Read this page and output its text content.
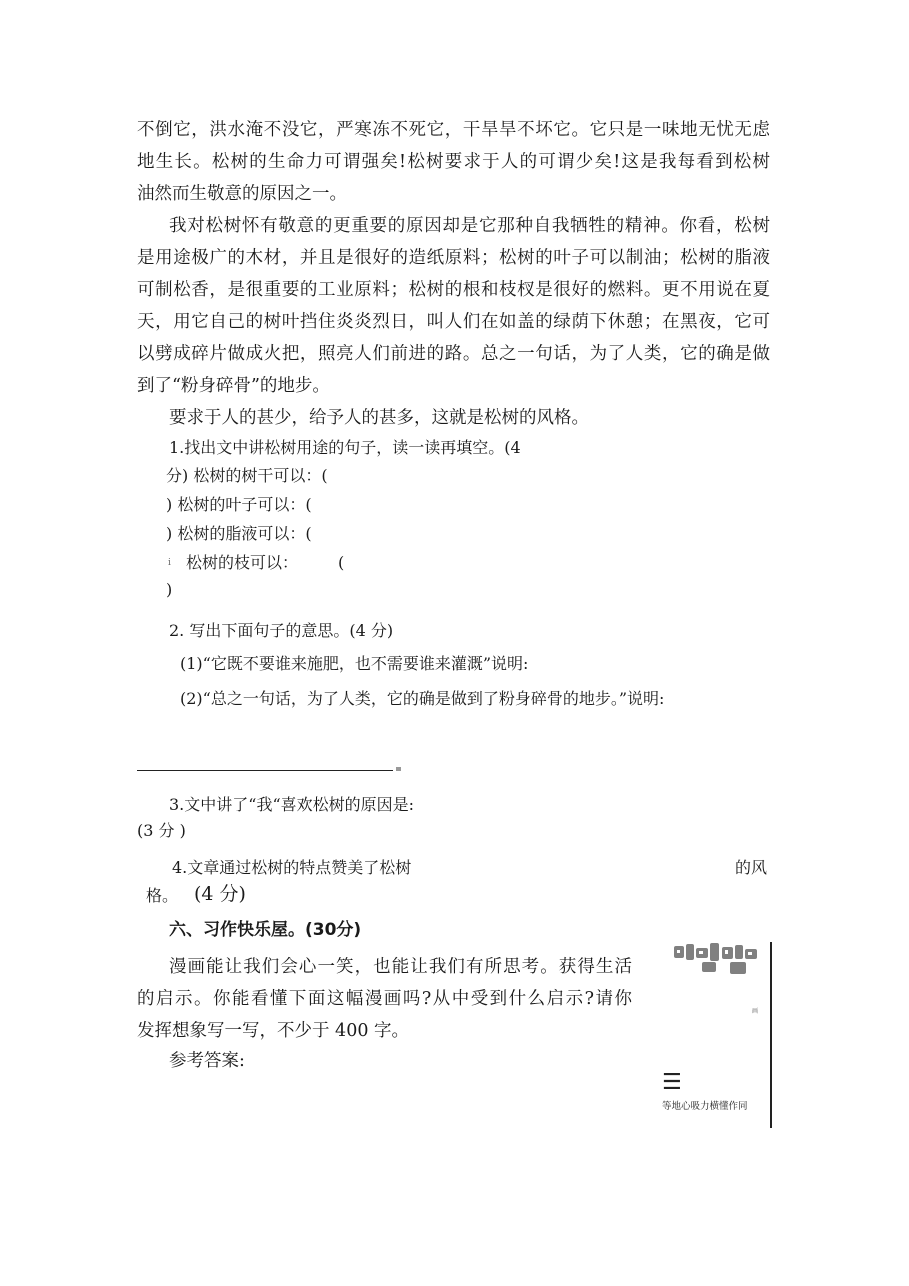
不倒它，洪水淹不没它，严寒冻不死它，干旱旱不坏它。它只是一味地无忧无虑
地生长。松树的生命力可谓强矣!松树要求于人的可谓少矣!这是我每看到松树
油然而生敬意的原因之一。
我对松树怀有敬意的更重要的原因却是它那种自我牺牲的精神。你看，松树
是用途极广的木材，并且是很好的造纸原料；松树的叶子可以制油；松树的脂液
可制松香，是很重要的工业原料；松树的根和枝杈是很好的燃料。更不用说在夏
天，用它自己的树叶挡住炎炎烈日，叫人们在如盖的绿荫下休憩；在黑夜，它可
以劈成碎片做成火把，照亮人们前进的路。总之一句话，为了人类，它的确是做
到了“粉身碎骨”的地步。
要求于人的甚少，给予人的甚多，这就是松树的风格。
1.找出文中讲松树用途的句子，读一读再填空。(4
分) 松树的树干可以：(
) 松树的叶子可以：(
) 松树的脂液可以：(
i 松树的枝可以： (
)
2. 写出下面句子的意思。(4 分)
(1)“它既不要谁来施肥，也不需要谁来灌溉”说明:
(2)“总之一句话，为了人类，它的确是做到了粉身碎骨的地步。”说明:
3.文中讲了“我“喜欢松树的原因是:
(3 分 )
4.文章通过松树的特点赞美了松树	的风
格。 (4 分)
六、习作快乐屋。(30分)
漫画能让我们会心一笑，也能让我们有所思考。获得生活
的启示。你能看懂下面这幅漫画吗?从中受到什么启示?请你
发挥想象写一写，不少于 400 字。
参考答案:
画
☰
等地心吸力横懂作同
